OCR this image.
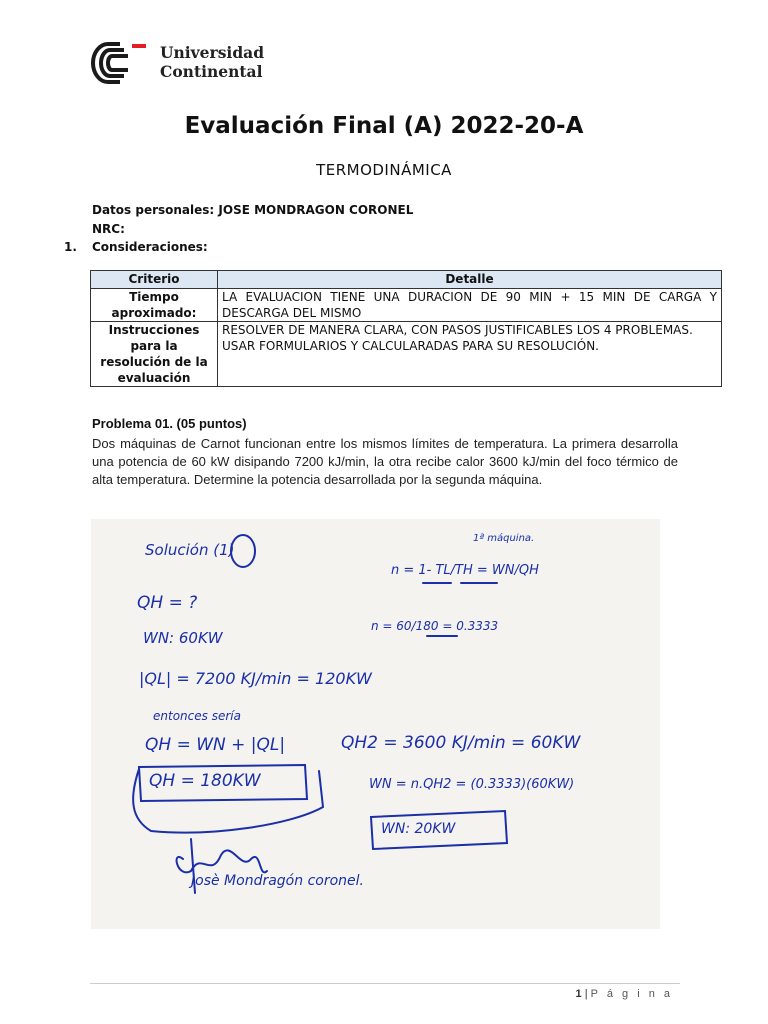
Universidad
Continental
Evaluación Final (A) 2022-20-A
TERMODINÁMICA
Datos personales: JOSE MONDRAGON CORONEL
NRC:
1. Consideraciones:
Criterio	Detalle
Tiempo aproximado:	LA EVALUACION TIENE UNA DURACION DE 90 MIN + 15 MIN DE CARGA Y DESCARGA DEL MISMO

Instrucciones para la resolución de la evaluación	RESOLVER DE MANERA CLARA, CON PASOS JUSTIFICABLES LOS 4 PROBLEMAS.
USAR FORMULARIOS Y CALCULARADAS PARA SU RESOLUCIÓN.
Problema 01. (05 puntos)
Dos máquinas de Carnot funcionan entre los mismos límites de temperatura. La primera desarrolla una potencia de 60 kW disipando 7200 kJ/min, la otra recibe calor 3600 kJ/min del foco térmico de alta temperatura. Determine la potencia desarrollada por la segunda máquina.
Solución (1)
1ª máquina.
n = 1- TL/TH = WN/QH
n = 60/180 = 0.3333
QH = ?
WN: 60KW
|QL| = 7200 KJ/min = 120KW
entonces sería
QH = WN + |QL|
QH = 180KW
QH2 = 3600 KJ/min = 60KW
WN = n.QH2 = (0.3333)(60KW)
WN: 20KW
Josè Mondragón coronel.
1 | P á g i n a
